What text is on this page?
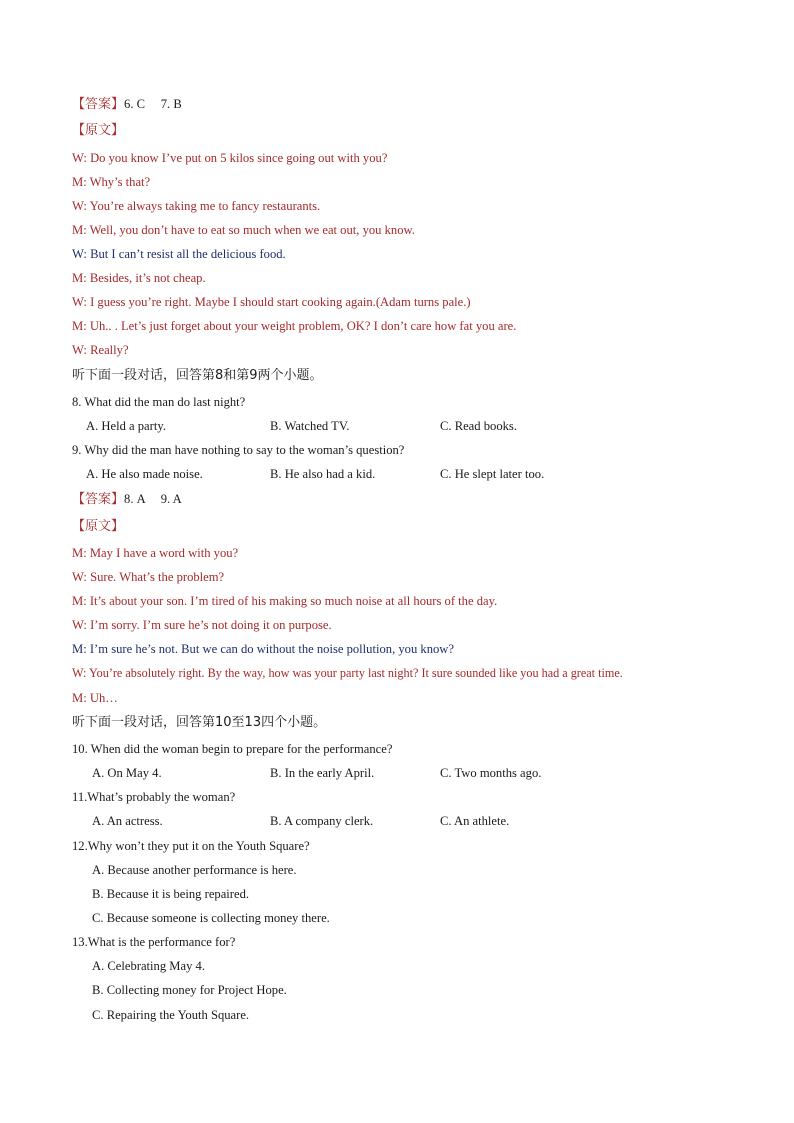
【答案】6. C　 7. B
【原文】
W: Do you know I’ve put on 5 kilos since going out with you?
M: Why’s that?
W: You’re always taking me to fancy restaurants.
M: Well, you don’t have to eat so much when we eat out, you know.
W: But I can’t resist all the delicious food.
M: Besides, it’s not cheap.
W: I guess you’re right. Maybe I should start cooking again.(Adam turns pale.)
M: Uh.. . Let’s just forget about your weight problem, OK? I don’t care how fat you are.
W: Really?
听下面一段对话，回答第8和第9两个小题。
8. What did the man do last night?
A. Held a party.	B. Watched TV.	C. Read books.
9. Why did the man have nothing to say to the woman’s question?
A. He also made noise.	B. He also had a kid.	C. He slept later too.
【答案】8. A　 9. A
【原文】
M: May I have a word with you?
W: Sure. What’s the problem?
M: It’s about your son. I’m tired of his making so much noise at all hours of the day.
W: I’m sorry. I’m sure he’s not doing it on purpose.
M: I’m sure he’s not. But we can do without the noise pollution, you know?
W: You’re absolutely right. By the way, how was your party last night? It sure sounded like you had a great time.
M: Uh…
听下面一段对话，回答第10至13四个小题。
10. When did the woman begin to prepare for the performance?
A. On May 4.	B. In the early April.	C. Two months ago.
11.What’s probably the woman?
A. An actress.	B. A company clerk.	C. An athlete.
12.Why won’t they put it on the Youth Square?
A. Because another performance is here.
B. Because it is being repaired.
C. Because someone is collecting money there.
13.What is the performance for?
A. Celebrating May 4.
B. Collecting money for Project Hope.
C. Repairing the Youth Square.
